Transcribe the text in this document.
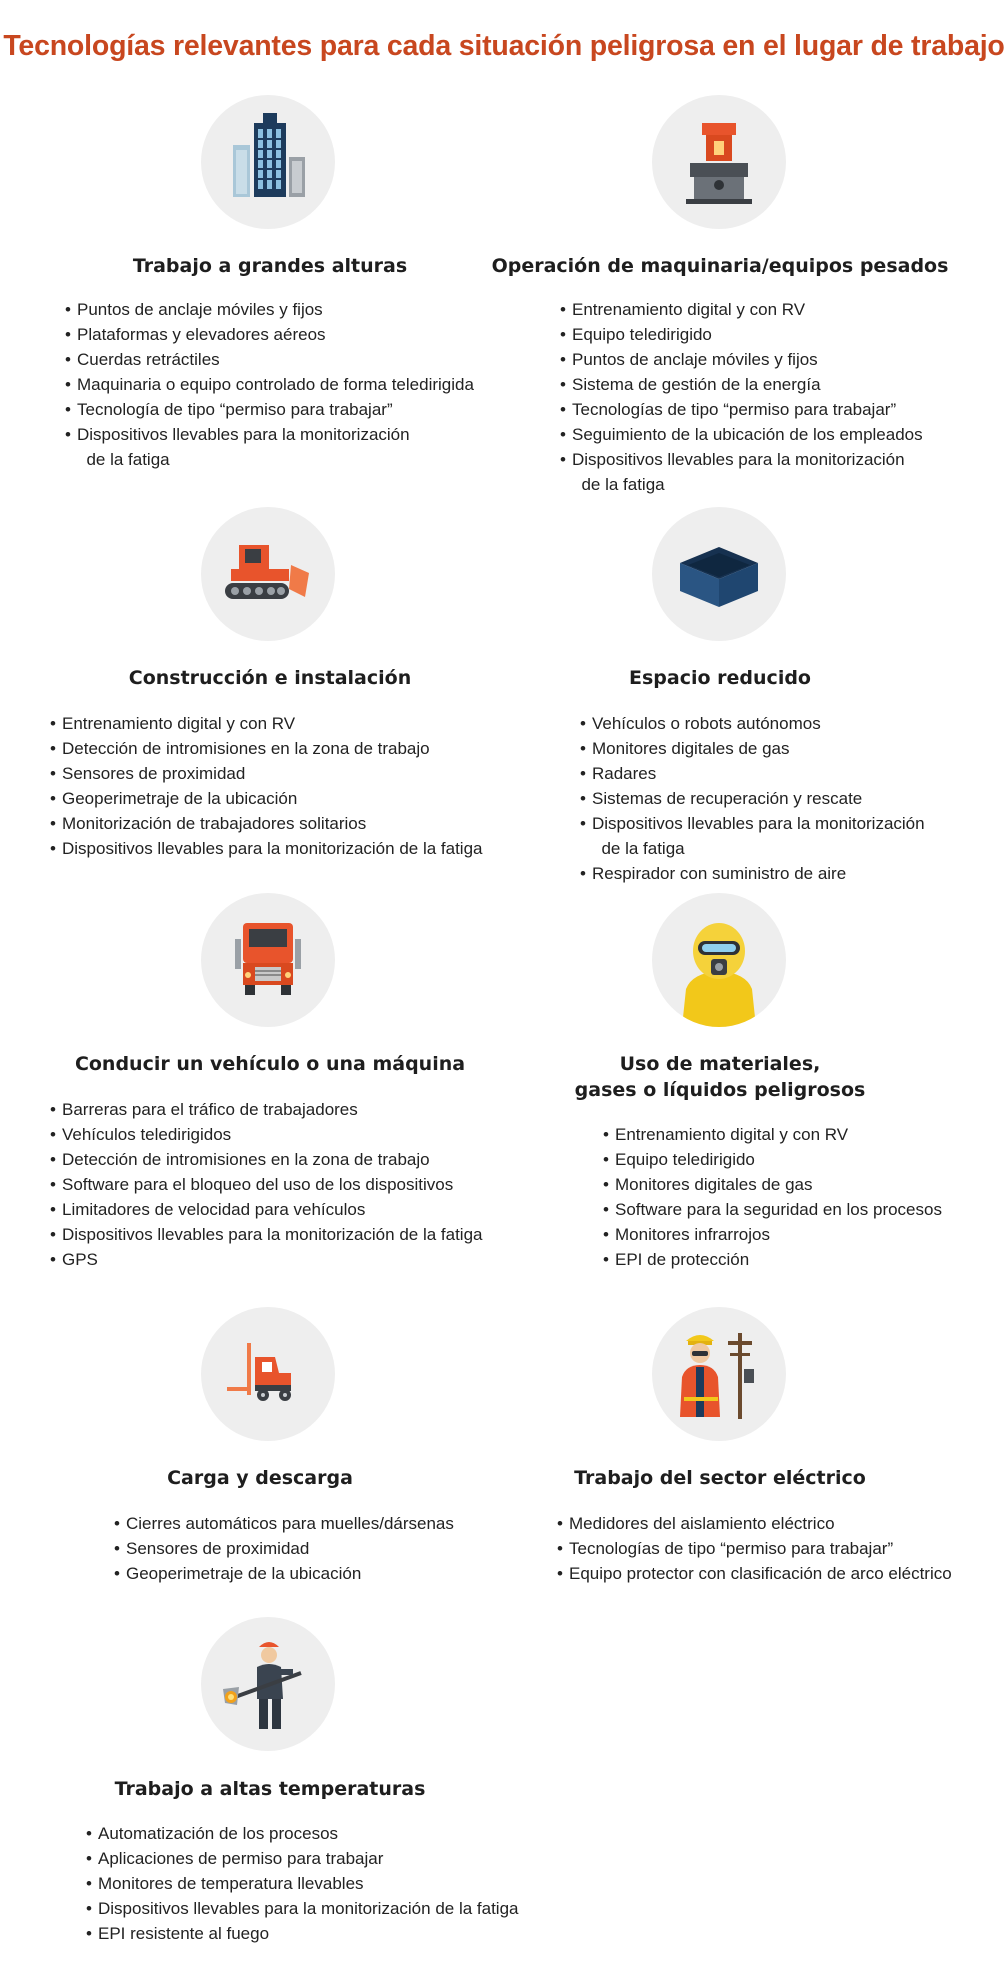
Tecnologías relevantes para cada situación peligrosa en el lugar de trabajo
Trabajo a grandes alturas
• Puntos de anclaje móviles y fijos
• Plataformas y elevadores aéreos
• Cuerdas retráctiles
• Maquinaria o equipo controlado de forma teledirigida
• Tecnología de tipo “permiso para trabajar”
• Dispositivos llevables para la monitorización
de la fatiga
Operación de maquinaria/equipos pesados
• Entrenamiento digital y con RV
• Equipo teledirigido
• Puntos de anclaje móviles y fijos
• Sistema de gestión de la energía
• Tecnologías de tipo “permiso para trabajar”
• Seguimiento de la ubicación de los empleados
• Dispositivos llevables para la monitorización
de la fatiga
Construcción e instalación
• Entrenamiento digital y con RV
• Detección de intromisiones en la zona de trabajo
• Sensores de proximidad
• Geoperimetraje de la ubicación
• Monitorización de trabajadores solitarios
• Dispositivos llevables para la monitorización de la fatiga
Espacio reducido
• Vehículos o robots autónomos
• Monitores digitales de gas
• Radares
• Sistemas de recuperación y rescate
• Dispositivos llevables para la monitorización
de la fatiga
• Respirador con suministro de aire
Conducir un vehículo o una máquina
• Barreras para el tráfico de trabajadores
• Vehículos teledirigidos
• Detección de intromisiones en la zona de trabajo
• Software para el bloqueo del uso de los dispositivos
• Limitadores de velocidad para vehículos
• Dispositivos llevables para la monitorización de la fatiga
• GPS
Uso de materiales,
gases o líquidos peligrosos
• Entrenamiento digital y con RV
• Equipo teledirigido
• Monitores digitales de gas
• Software para la seguridad en los procesos
• Monitores infrarrojos
• EPI de protección
Carga y descarga
• Cierres automáticos para muelles/dársenas
• Sensores de proximidad
• Geoperimetraje de la ubicación
Trabajo del sector eléctrico
• Medidores del aislamiento eléctrico
• Tecnologías de tipo “permiso para trabajar”
• Equipo protector con clasificación de arco eléctrico
Trabajo a altas temperaturas
• Automatización de los procesos
• Aplicaciones de permiso para trabajar
• Monitores de temperatura llevables
• Dispositivos llevables para la monitorización de la fatiga
• EPI resistente al fuego
